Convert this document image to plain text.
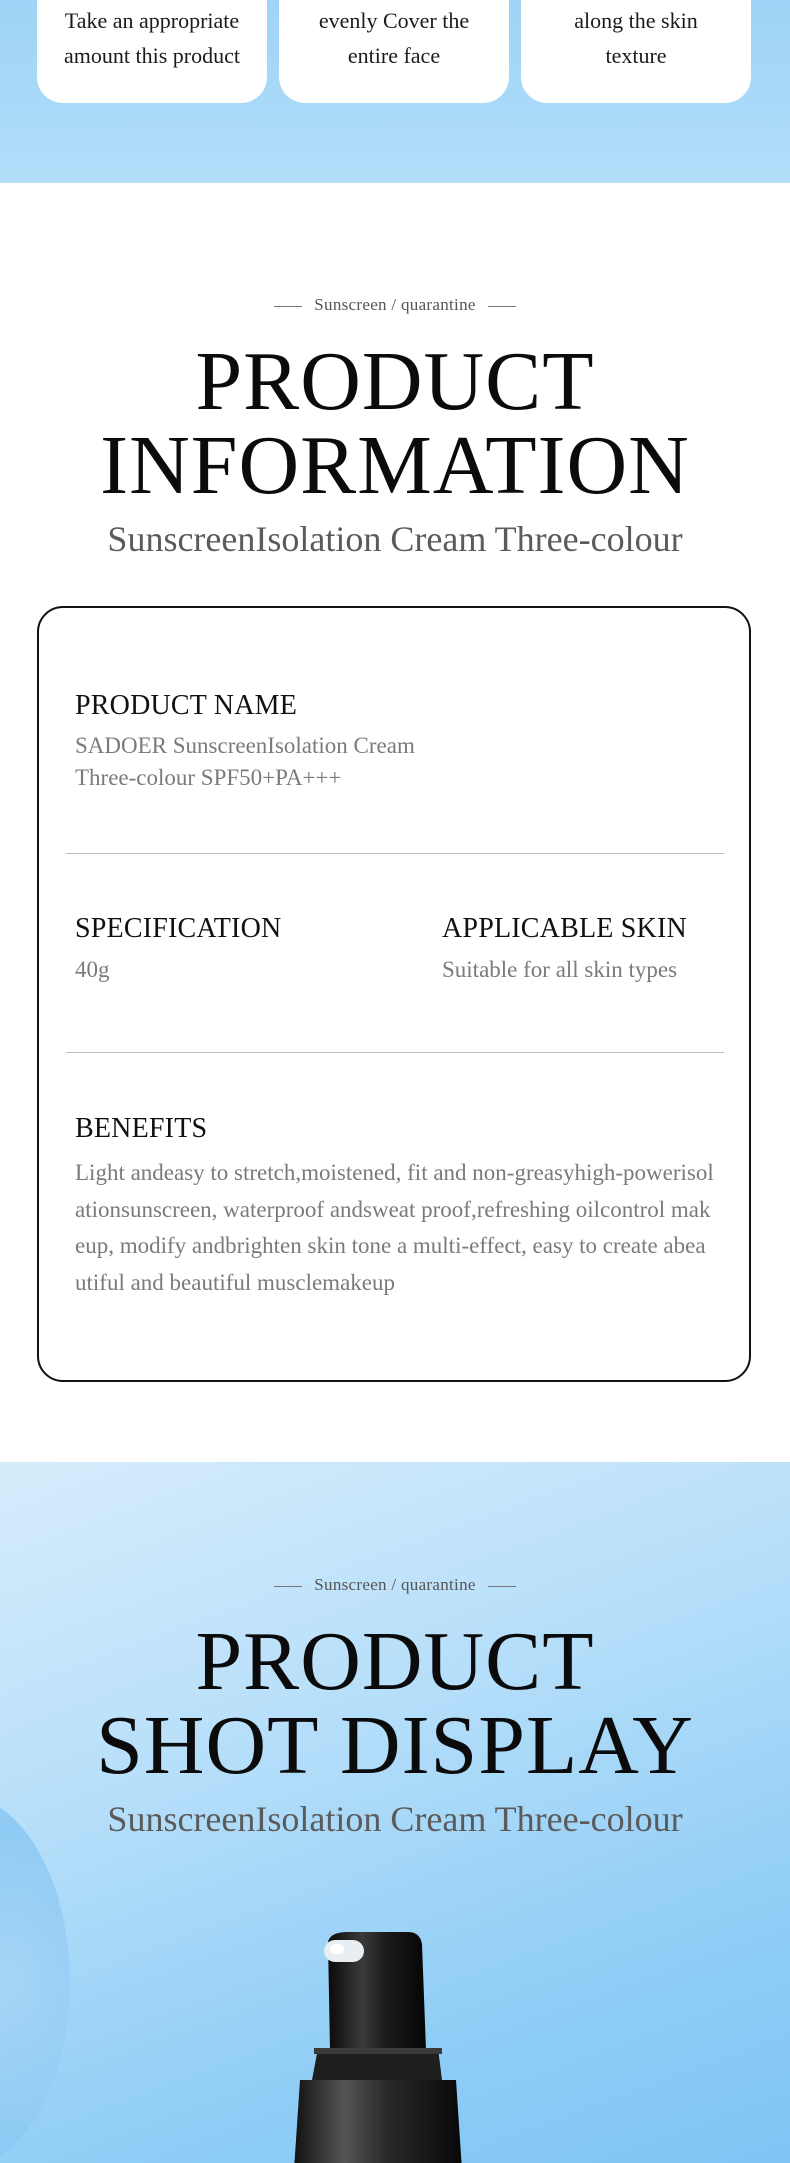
Take an appropriate
amount this product
evenly Cover the
entire face
along the skin
texture
Sunscreen / quarantine
PRODUCT
INFORMATION
SunscreenIsolation Cream Three-colour
PRODUCT NAME
SADOER SunscreenIsolation Cream
Three-colour SPF50+PA+++
SPECIFICATION
40g
APPLICABLE SKIN
Suitable for all skin types
BENEFITS
Light andeasy to stretch,moistened, fit and non-greasyhigh-powerisolationsunscreen, waterproof andsweat proof,refreshing oilcontrol makeup, modify andbrighten skin tone a multi-effect, easy to create abeautiful and beautiful musclemakeup
Sunscreen / quarantine
PRODUCT
SHOT DISPLAY
SunscreenIsolation Cream Three-colour
